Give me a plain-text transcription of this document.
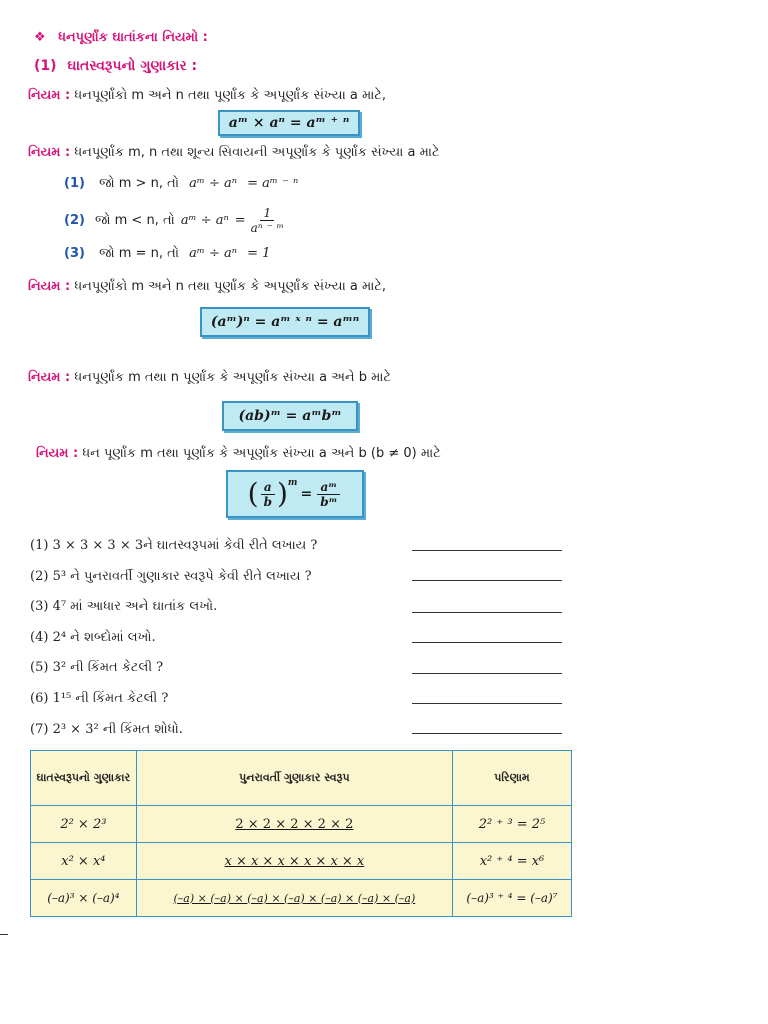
❖ ધનપૂર્ણાંક ઘાતાંકના નિયમો :
(1) ઘાતસ્વરૂપનો ગુણાકાર :
નિયમ : ધનપૂર્ણાંકો m અને n તથા પૂર્ણાંક કે અપૂર્ણાંક સંખ્યા a માટે,
aᵐ × aⁿ = aᵐ ⁺ ⁿ
નિયમ : ધનપૂર્ણાંક m, n તથા શૂન્ય સિવાયની અપૂર્ણાંક કે પૂર્ણાંક સંખ્યા a માટે
(1) જો m > n, તો aᵐ ÷ aⁿ = aᵐ ⁻ ⁿ
(2) જો m < n, તો aᵐ ÷ $a^n = \frac{1}{\text{aⁿ ⁻ ᵐ}}$
(3) જો m = n, તો aᵐ ÷ aⁿ = 1
નિયમ : ધનપૂર્ણાંકો m અને n તથા પૂર્ણાંક કે અપૂર્ણાંક સંખ્યા a માટે,
(aᵐ)ⁿ = aᵐ ˣ ⁿ = aᵐⁿ
નિયમ : ધનપૂર્ણાંક m તથા n પૂર્ણાંક કે અપૂર્ણાંક સંખ્યા a અને b માટે
(ab)ᵐ = aᵐbᵐ
નિયમ : ધન પૂર્ણાંક m તથા પૂર્ણાંક કે અપૂર્ણાંક સંખ્યા a અને b (b ≠ 0) માટે
( $\frac{a}{b} )^m$
= $\frac{\text{aᵐ}}{\text{bᵐ}}$
(1) 3 × 3 × 3 × 3ને ઘાતસ્વરૂપમાં કેવી રીતે લખાય ?
(2) 5³ ને પુનરાવર્તી ગુણાકાર સ્વરૂપે કેવી રીતે લખાય ?
(3) 4⁷ માં આધાર અને ઘાતાંક લખો.
(4) 2⁴ ને શબ્દોમાં લખો.
(5) 3² ની કિંમત કેટલી ?
(6) 1¹⁵ ની કિંમત કેટલી ?
(7) 2³ × 3² ની કિંમત શોધો.
ઘાતસ્વરૂપનો ગુણાકાર	પુનરાવર્તી ગુણાકાર સ્વરૂપ	પરિણામ
2² × 2³	2 × 2 × 2 × 2 × 2	2² ⁺ ³ = 2⁵
x² × x⁴	x × x × x × x × x × x	x² ⁺ ⁴ = x⁶
(–a)³ × (–a)⁴	(–a) × (–a) × (–a) × (–a) × (–a) × (–a) × (–a)	(–a)³ ⁺ ⁴ = (–a)⁷
